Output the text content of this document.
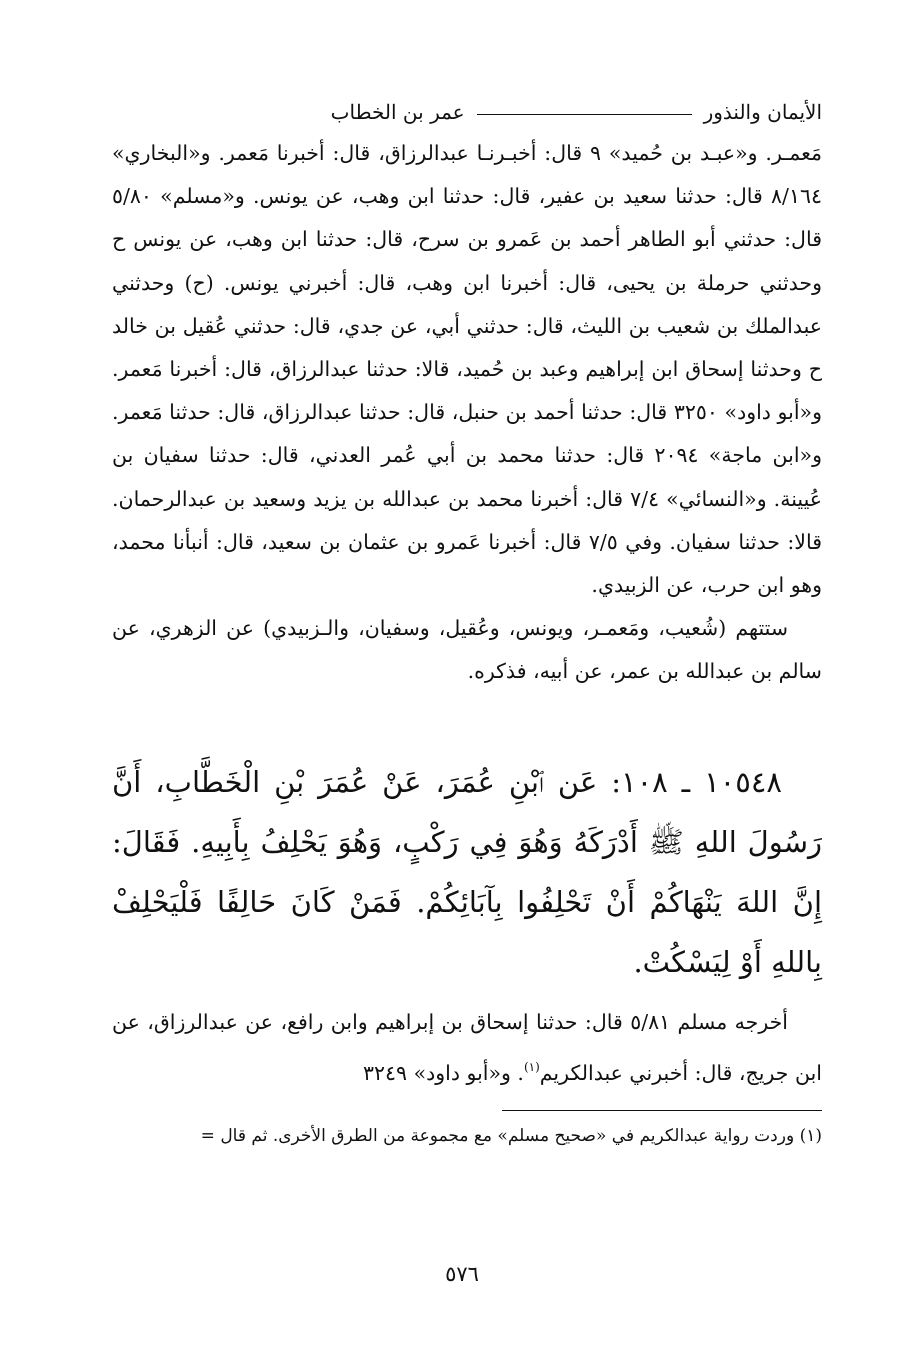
الأيمان والنذور
عمر بن الخطاب

مَعمـر. و«عبـد بن حُميد» ٩ قال: أخبـرنـا عبدالرزاق، قال: أخبرنا مَعمر. و«البخاري» ٨/١٦٤ قال: حدثنا سعيد بن عفير، قال: حدثنا ابن وهب، عن يونس. و«مسلم» ٥/٨٠ قال: حدثني أبو الطاهر أحمد بن عَمرو بن سرح، قال: حدثنا ابن وهب، عن يونس ح وحدثني حرملة بن يحيى، قال: أخبرنا ابن وهب، قال: أخبرني يونس. (ح) وحدثني عبدالملك بن شعيب بن الليث، قال: حدثني أبي، عن جدي، قال: حدثني عُقيل بن خالد ح وحدثنا إسحاق ابن إبراهيم وعبد بن حُميد، قالا: حدثنا عبدالرزاق، قال: أخبرنا مَعمر. و«أبو داود» ٣٢٥٠ قال: حدثنا أحمد بن حنبل، قال: حدثنا عبدالرزاق، قال: حدثنا مَعمر. و«ابن ماجة» ٢٠٩٤ قال: حدثنا محمد بن أبي عُمر العدني، قال: حدثنا سفيان بن عُيينة. و«النسائي» ٧/٤ قال: أخبرنا محمد بن عبدالله بن يزيد وسعيد بن عبدالرحمان. قالا: حدثنا سفيان. وفي ٧/٥ قال: أخبرنا عَمرو بن عثمان بن سعيد، قال: أنبأنا محمد، وهو ابن حرب، عن الزبيدي.

ستتهم (شُعيب، ومَعمـر، ويونس، وعُقيل، وسفيان، والـزبيدي) عن الزهري، عن سالم بن عبدالله بن عمر، عن أبيه، فذكره.

١٠٥٤٨ ـ ١٠٨: عَن ٱبْنِ عُمَرَ، عَنْ عُمَرَ بْنِ الْخَطَّابِ، أَنَّ رَسُولَ اللهِ ﷺ أَدْرَكَهُ وَهُوَ فِي رَكْبٍ، وَهُوَ يَحْلِفُ بِأَبِيهِ. فَقَالَ: إِنَّ اللهَ يَنْهَاكُمْ أَنْ تَحْلِفُوا بِآبَائِكُمْ. فَمَنْ كَانَ حَالِفًا فَلْيَحْلِفْ بِاللهِ أَوْ لِيَسْكُتْ.

أخرجه مسلم ٥/٨١ قال: حدثنا إسحاق بن إبراهيم وابن رافع، عن عبدالرزاق، عن ابن جريج، قال: أخبرني عبدالكريم$^{(١)}$. و«أبو داود» ٣٢٤٩

(١) وردت رواية عبدالكريم في «صحيح مسلم» مع مجموعة من الطرق الأخرى. ثم قال =
٥٧٦
